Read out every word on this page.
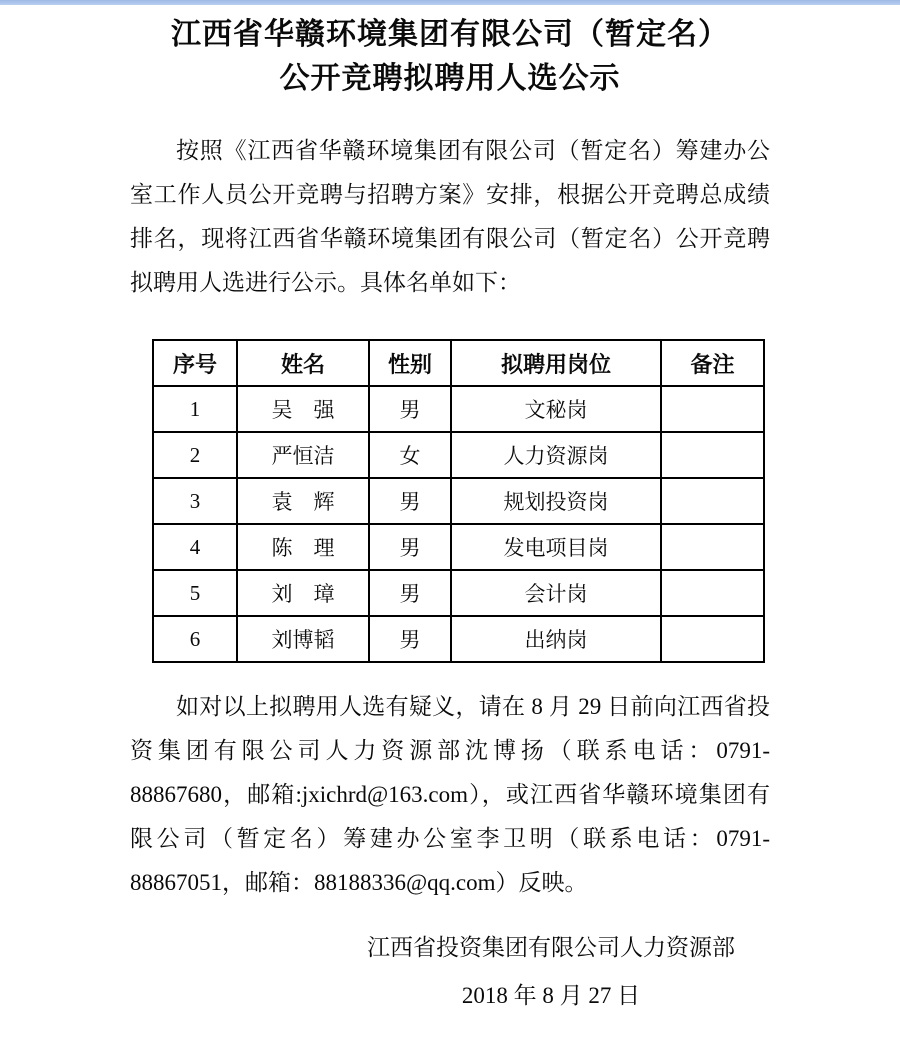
江西省华赣环境集团有限公司（暂定名）
公开竞聘拟聘用人选公示

按照《江西省华赣环境集团有限公司（暂定名）筹建办公室工作人员公开竞聘与招聘方案》安排，根据公开竞聘总成绩排名，现将江西省华赣环境集团有限公司（暂定名）公开竞聘拟聘用人选进行公示。具体名单如下：

序号	姓名	性别	拟聘用岗位	备注
1	吴　强	男	文秘岗	
2	严恒洁	女	人力资源岗	
3	袁　辉	男	规划投资岗	
4	陈　理	男	发电项目岗	
5	刘　璋	男	会计岗	
6	刘博韬	男	出纳岗	

如对以上拟聘用人选有疑义，请在 8 月 29 日前向江西省投资集团有限公司人力资源部沈博扬（联系电话：0791-88867680，邮箱:jxichrd@163.com），或江西省华赣环境集团有限公司（暂定名）筹建办公室李卫明（联系电话：0791-88867051，邮箱：88188336@qq.com）反映。

江西省投资集团有限公司人力资源部
2018 年 8 月 27 日
